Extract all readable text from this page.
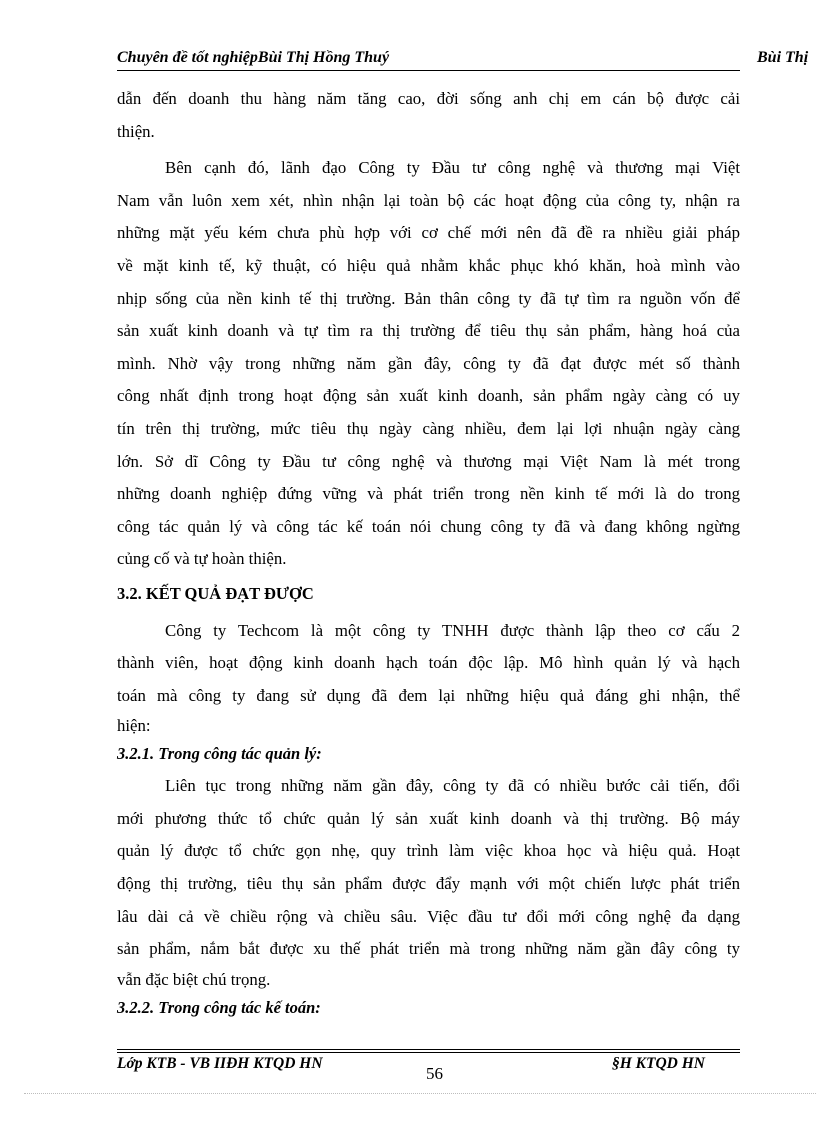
Chuyên đề tốt nghiệpBùi Thị Hồng Thuý	Bùi Thị
dẫn đến doanh thu hàng năm tăng cao, đời sống anh chị em cán bộ được cải
thiện.
Bên cạnh đó, lãnh đạo Công ty Đầu tư công nghệ và thương mại Việt
Nam vẫn luôn xem xét, nhìn nhận lại toàn bộ các hoạt động của công ty, nhận ra
những mặt yếu kém chưa phù hợp với cơ chế mới nên đã đề ra nhiều giải pháp
về mặt kinh tế, kỹ thuật, có hiệu quả nhằm khắc phục khó khăn, hoà mình vào
nhịp sống của nền kinh tế thị trường. Bản thân công ty đã tự tìm ra nguồn vốn để
sản xuất kinh doanh và tự tìm ra thị trường để tiêu thụ sản phẩm, hàng hoá của
mình. Nhờ vậy trong những năm gần đây, công ty đã đạt được mét số thành
công nhất định trong hoạt động sản xuất kinh doanh, sản phẩm ngày càng có uy
tín trên thị trường, mức tiêu thụ ngày càng nhiều, đem lại lợi nhuận ngày càng
lớn. Sở dĩ Công ty Đầu tư công nghệ và thương mại Việt Nam là mét trong
những doanh nghiệp đứng vững và phát triển trong nền kinh tế mới là do trong
công tác quản lý và công tác kế toán nói chung công ty đã và đang không ngừng
củng cố và tự hoàn thiện.
3.2. KẾT QUẢ ĐẠT ĐƯỢC
Công ty Techcom là một công ty TNHH được thành lập theo cơ cấu 2
thành viên, hoạt động kinh doanh hạch toán độc lập. Mô hình quản lý và hạch
toán mà công ty đang sử dụng đã đem lại những hiệu quả đáng ghi nhận, thể
hiện:
3.2.1. Trong công tác quản lý:
Liên tục trong những năm gần đây, công ty đã có nhiều bước cải tiến, đổi
mới phương thức tổ chức quản lý sản xuất kinh doanh và thị trường. Bộ máy
quản lý được tổ chức gọn nhẹ, quy trình làm việc khoa học và hiệu quả. Hoạt
động thị trường, tiêu thụ sản phẩm được đẩy mạnh với một chiến lược phát triển
lâu dài cả về chiều rộng và chiều sâu. Việc đầu tư đổi mới công nghệ đa dạng
sản phẩm, nắm bắt được xu thế phát triển mà trong những năm gần đây công ty
vẫn đặc biệt chú trọng.
3.2.2. Trong công tác kế toán:
Lớp KTB - VB IIĐH KTQD HN
56
§H KTQD HN
